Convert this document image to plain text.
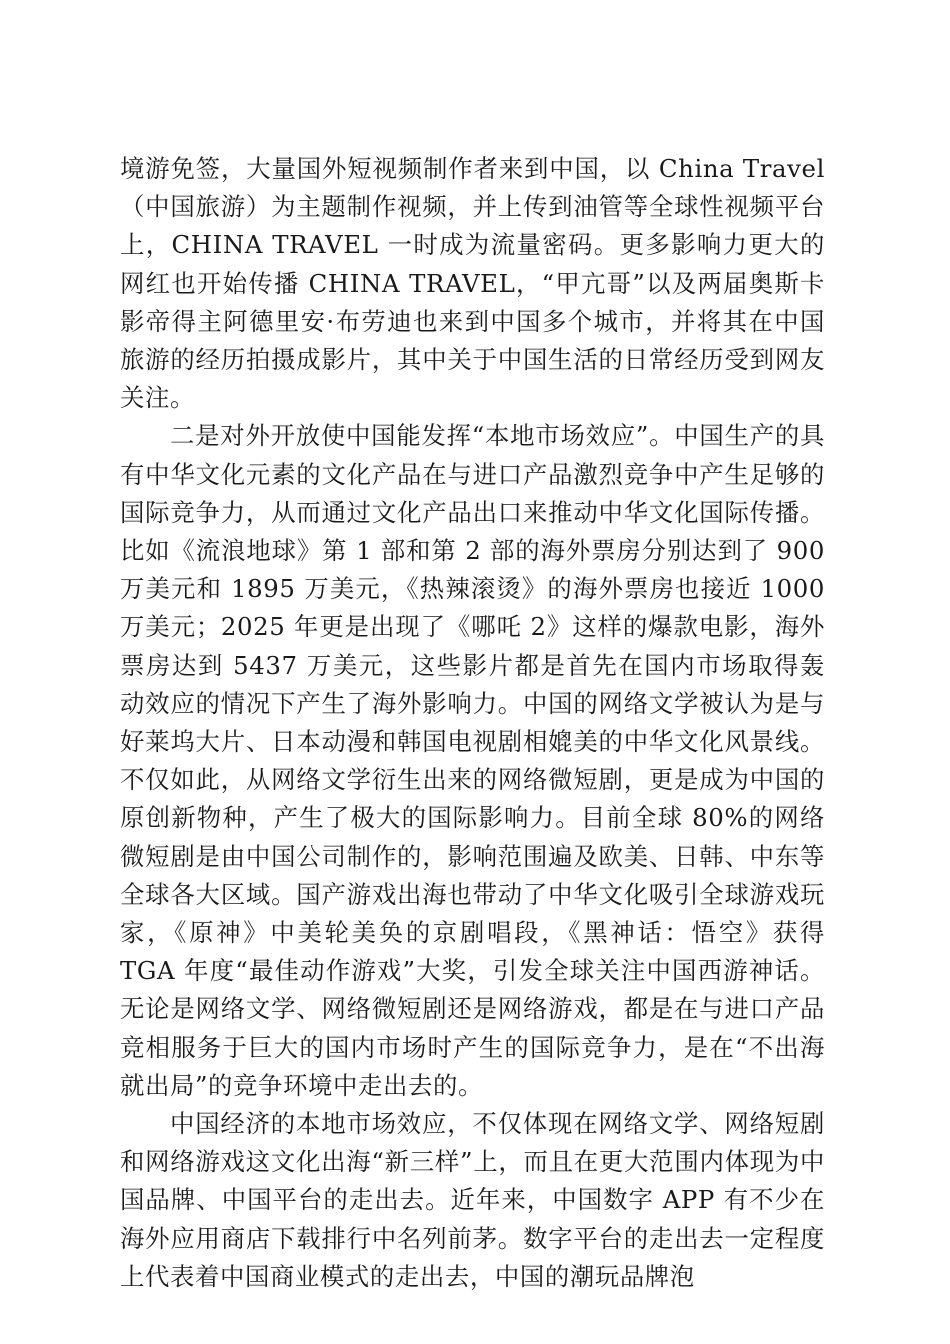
境游免签，大量国外短视频制作者来到中国，以 China Travel（中国旅游）为主题制作视频，并上传到油管等全球性视频平台上，CHINA TRAVEL 一时成为流量密码。更多影响力更大的网红也开始传播 CHINA TRAVEL，“甲亢哥”以及两届奥斯卡影帝得主阿德里安·布劳迪也来到中国多个城市，并将其在中国旅游的经历拍摄成影片，其中关于中国生活的日常经历受到网友关注。

二是对外开放使中国能发挥“本地市场效应”。中国生产的具有中华文化元素的文化产品在与进口产品激烈竞争中产生足够的国际竞争力，从而通过文化产品出口来推动中华文化国际传播。比如《流浪地球》第 1 部和第 2 部的海外票房分别达到了 900 万美元和 1895 万美元，《热辣滚烫》的海外票房也接近 1000 万美元；2025 年更是出现了《哪吒 2》这样的爆款电影，海外票房达到 5437 万美元，这些影片都是首先在国内市场取得轰动效应的情况下产生了海外影响力。中国的网络文学被认为是与好莱坞大片、日本动漫和韩国电视剧相媲美的中华文化风景线。不仅如此，从网络文学衍生出来的网络微短剧，更是成为中国的原创新物种，产生了极大的国际影响力。目前全球 80%的网络微短剧是由中国公司制作的，影响范围遍及欧美、日韩、中东等全球各大区域。国产游戏出海也带动了中华文化吸引全球游戏玩家，《原神》中美轮美奂的京剧唱段，《黑神话：悟空》获得 TGA 年度“最佳动作游戏”大奖，引发全球关注中国西游神话。无论是网络文学、网络微短剧还是网络游戏，都是在与进口产品竞相服务于巨大的国内市场时产生的国际竞争力，是在“不出海就出局”的竞争环境中走出去的。

中国经济的本地市场效应，不仅体现在网络文学、网络短剧和网络游戏这文化出海“新三样”上，而且在更大范围内体现为中国品牌、中国平台的走出去。近年来，中国数字 APP 有不少在海外应用商店下载排行中名列前茅。数字平台的走出去一定程度上代表着中国商业模式的走出去，中国的潮玩品牌泡
